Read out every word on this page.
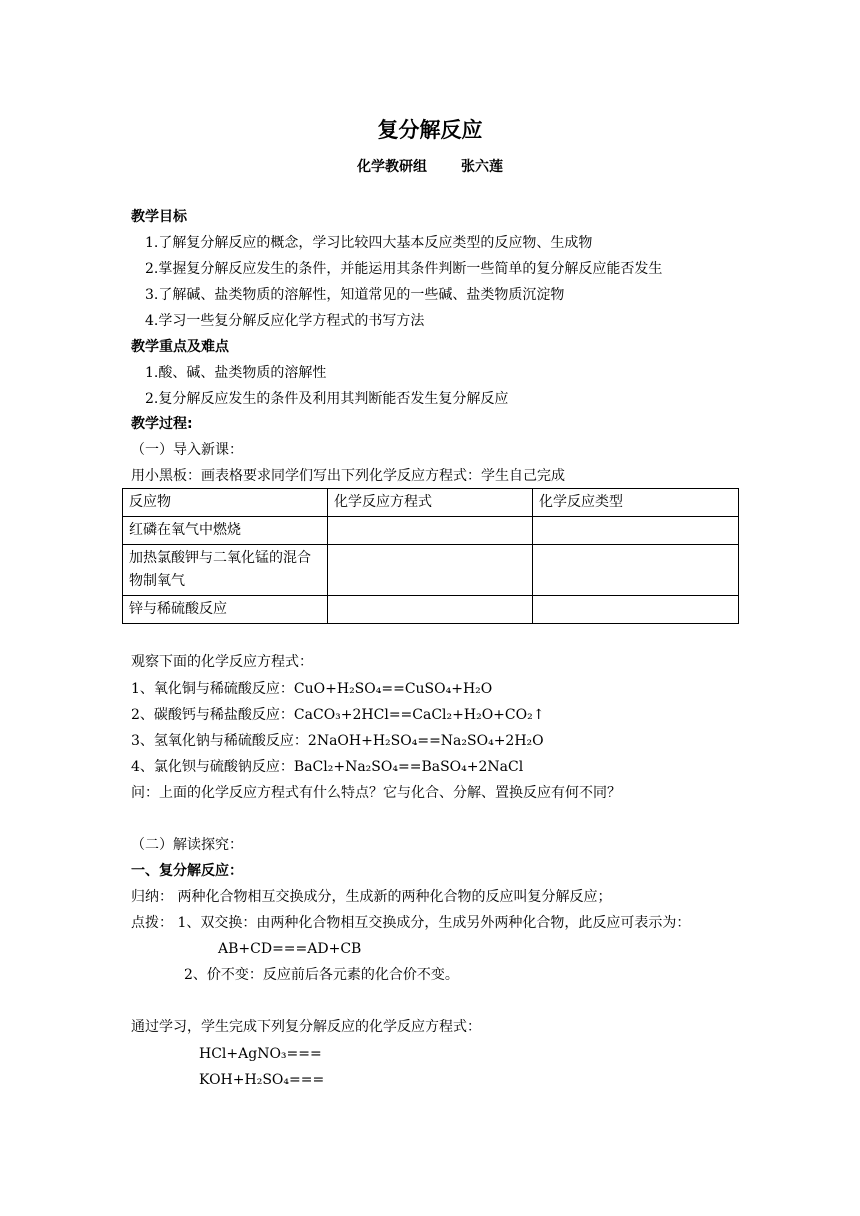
复分解反应
化学教研组 张六莲
教学目标
1.了解复分解反应的概念，学习比较四大基本反应类型的反应物、生成物
2.掌握复分解反应发生的条件，并能运用其条件判断一些简单的复分解反应能否发生
3.了解碱、盐类物质的溶解性，知道常见的一些碱、盐类物质沉淀物
4.学习一些复分解反应化学方程式的书写方法
教学重点及难点
1.酸、碱、盐类物质的溶解性
2.复分解反应发生的条件及利用其判断能否发生复分解反应
教学过程:
（一）导入新课：
用小黑板：画表格要求同学们写出下列化学反应方程式：学生自己完成
反应物	化学反应方程式	化学反应类型
红磷在氧气中燃烧		
加热氯酸钾与二氧化锰的混合物制氧气		
锌与稀硫酸反应		
观察下面的化学反应方程式：
1、氧化铜与稀硫酸反应：CuO+H₂SO₄==CuSO₄+H₂O
2、碳酸钙与稀盐酸反应：CaCO₃+2HCl==CaCl₂+H₂O+CO₂↑
3、氢氧化钠与稀硫酸反应：2NaOH+H₂SO₄==Na₂SO₄+2H₂O
4、氯化钡与硫酸钠反应：BaCl₂+Na₂SO₄==BaSO₄+2NaCl
问：上面的化学反应方程式有什么特点？它与化合、分解、置换反应有何不同？
（二）解读探究：
一、复分解反应：
归纳： 两种化合物相互交换成分，生成新的两种化合物的反应叫复分解反应；
点拨： 1、双交换：由两种化合物相互交换成分，生成另外两种化合物，此反应可表示为：
AB+CD===AD+CB
2、价不变：反应前后各元素的化合价不变。
通过学习，学生完成下列复分解反应的化学反应方程式：
HCl+AgNO₃===
KOH+H₂SO₄===
